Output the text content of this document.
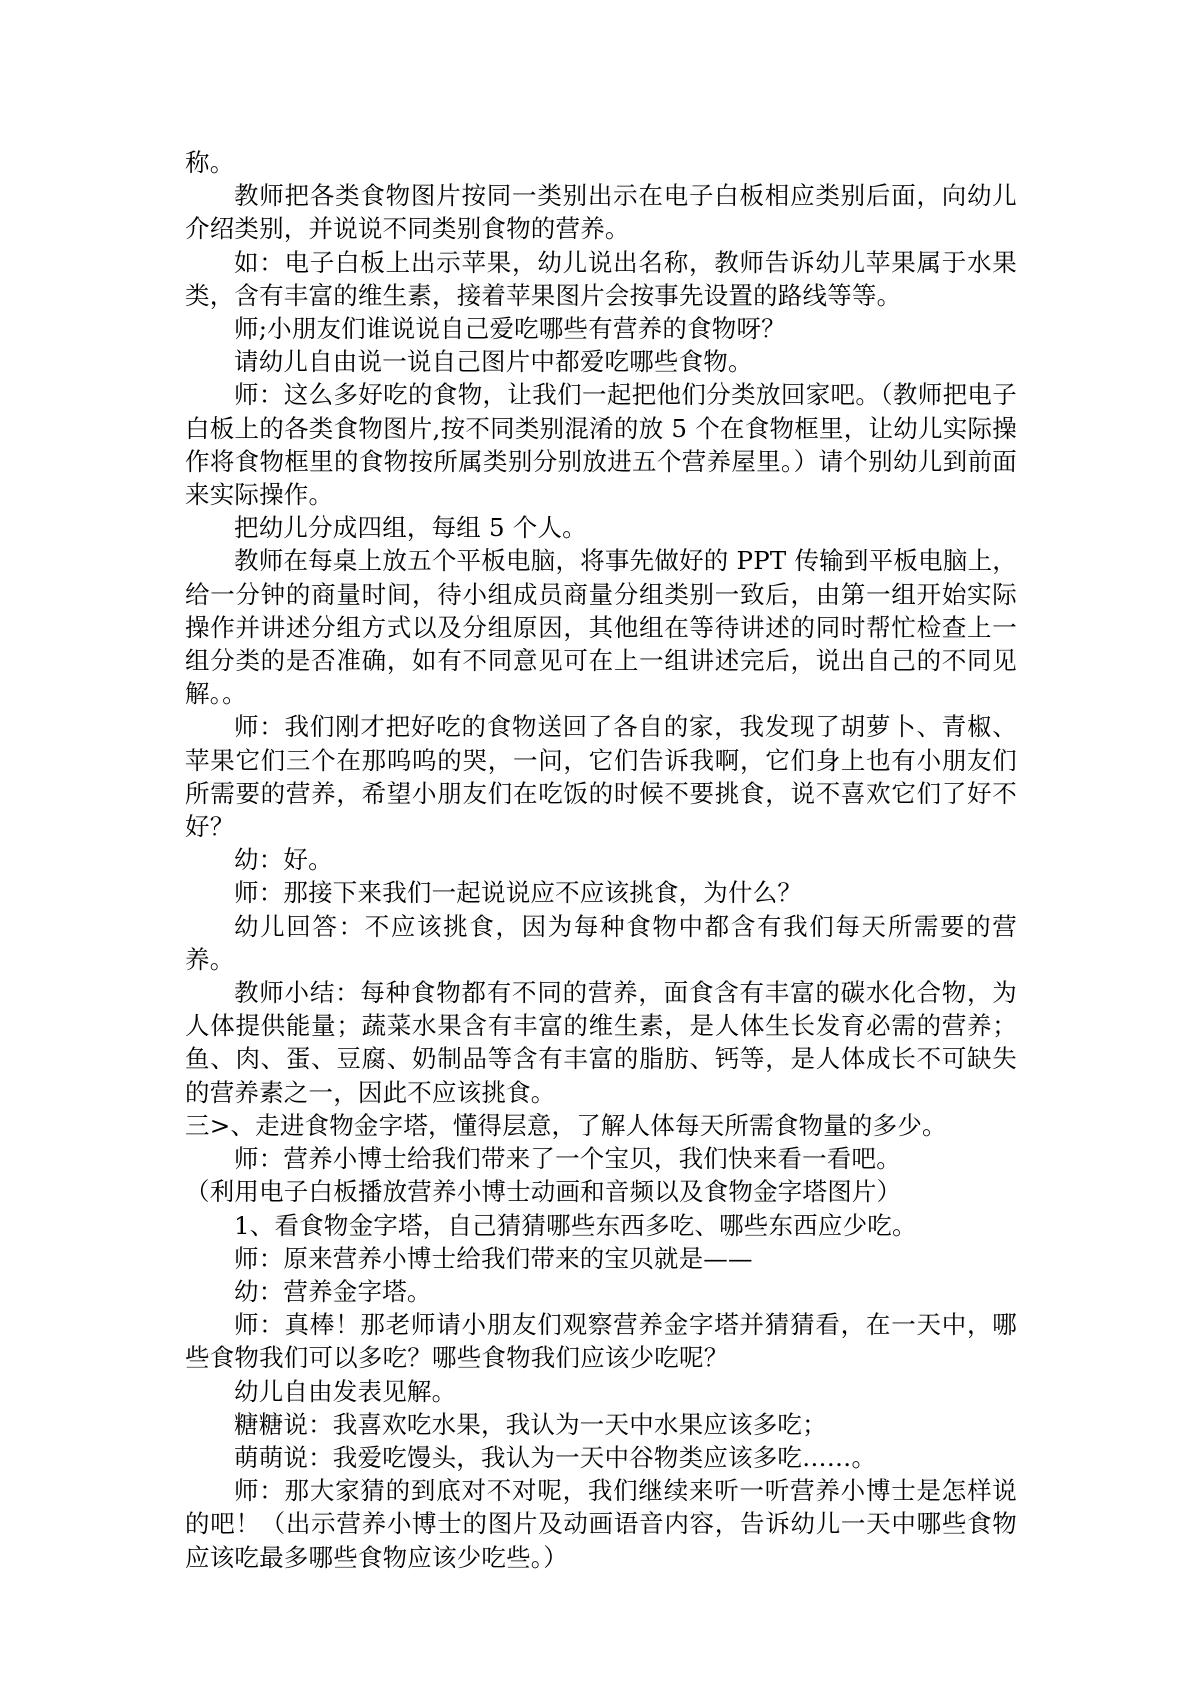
称。

教师把各类食物图片按同一类别出示在电子白板相应类别后面，向幼儿介绍类别，并说说不同类别食物的营养。

如：电子白板上出示苹果，幼儿说出名称，教师告诉幼儿苹果属于水果类，含有丰富的维生素，接着苹果图片会按事先设置的路线等等。

师;小朋友们谁说说自己爱吃哪些有营养的食物呀？

请幼儿自由说一说自己图片中都爱吃哪些食物。

师：这么多好吃的食物，让我们一起把他们分类放回家吧。（教师把电子白板上的各类食物图片,按不同类别混淆的放 5 个在食物框里，让幼儿实际操作将食物框里的食物按所属类别分别放进五个营养屋里。）请个别幼儿到前面来实际操作。

把幼儿分成四组，每组 5 个人。

教师在每桌上放五个平板电脑，将事先做好的 PPT 传输到平板电脑上，给一分钟的商量时间，待小组成员商量分组类别一致后，由第一组开始实际操作并讲述分组方式以及分组原因，其他组在等待讲述的同时帮忙检查上一组分类的是否准确，如有不同意见可在上一组讲述完后，说出自己的不同见解。。

师：我们刚才把好吃的食物送回了各自的家，我发现了胡萝卜、青椒、苹果它们三个在那呜呜的哭，一问，它们告诉我啊，它们身上也有小朋友们所需要的营养，希望小朋友们在吃饭的时候不要挑食，说不喜欢它们了好不好？

幼：好。

师：那接下来我们一起说说应不应该挑食，为什么？

幼儿回答：不应该挑食，因为每种食物中都含有我们每天所需要的营养。

教师小结：每种食物都有不同的营养，面食含有丰富的碳水化合物，为人体提供能量；蔬菜水果含有丰富的维生素，是人体生长发育必需的营养；鱼、肉、蛋、豆腐、奶制品等含有丰富的脂肪、钙等，是人体成长不可缺失的营养素之一，因此不应该挑食。

三>、走进食物金字塔，懂得层意，了解人体每天所需食物量的多少。

师：营养小博士给我们带来了一个宝贝，我们快来看一看吧。

（利用电子白板播放营养小博士动画和音频以及食物金字塔图片）

1、看食物金字塔，自己猜猜哪些东西多吃、哪些东西应少吃。

师：原来营养小博士给我们带来的宝贝就是——

幼：营养金字塔。

师：真棒！那老师请小朋友们观察营养金字塔并猜猜看，在一天中，哪些食物我们可以多吃？哪些食物我们应该少吃呢？

幼儿自由发表见解。

糖糖说：我喜欢吃水果，我认为一天中水果应该多吃；

萌萌说：我爱吃馒头，我认为一天中谷物类应该多吃……。

师：那大家猜的到底对不对呢，我们继续来听一听营养小博士是怎样说的吧！（出示营养小博士的图片及动画语音内容，告诉幼儿一天中哪些食物应该吃最多哪些食物应该少吃些。）
